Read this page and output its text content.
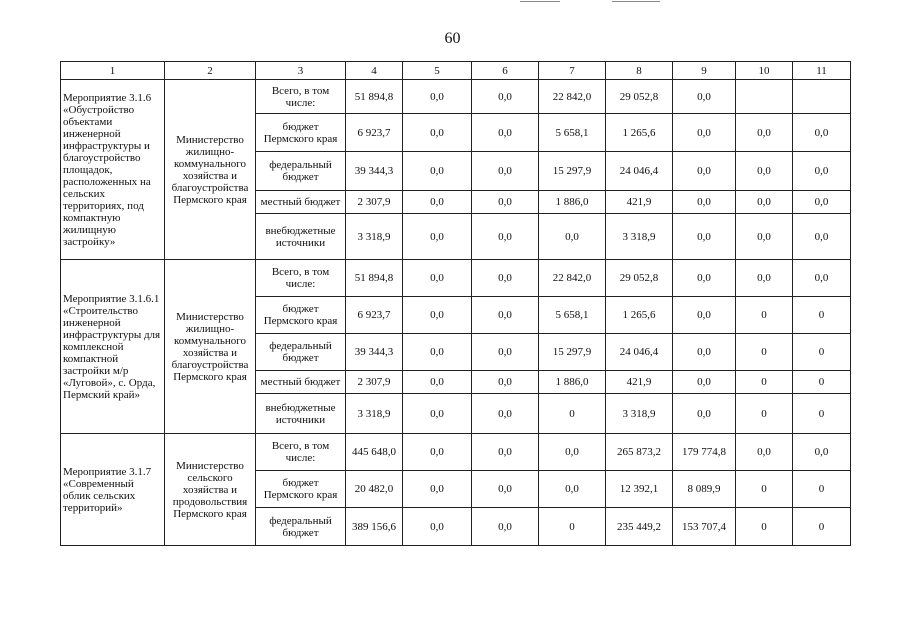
60
1	2	3	4	5	6	7	8	9	10	11
Мероприятие 3.1.6 «Обустройство объектами инженерной инфраструктуры и благоустройство площадок, расположенных на сельских территориях, под компактную жилищную застройку»	Министерство жилищно-коммунального хозяйства и благоустройства Пермского края	Всего, в том числе:	51 894,8	0,0	0,0	22 842,0	29 052,8	0,0		
		бюджет Пермского края	6 923,7	0,0	0,0	5 658,1	1 265,6	0,0	0,0	0,0
		федеральный бюджет	39 344,3	0,0	0,0	15 297,9	24 046,4	0,0	0,0	0,0
		местный бюджет	2 307,9	0,0	0,0	1 886,0	421,9	0,0	0,0	0,0
		внебюджетные источники	3 318,9	0,0	0,0	0,0	3 318,9	0,0	0,0	0,0
Мероприятие 3.1.6.1 «Строительство инженерной инфраструктуры для комплексной компактной застройки м/р «Луговой», с. Орда, Пермский край»	Министерство жилищно-коммунального хозяйства и благоустройства Пермского края	Всего, в том числе:	51 894,8	0,0	0,0	22 842,0	29 052,8	0,0	0,0	0,0
		бюджет Пермского края	6 923,7	0,0	0,0	5 658,1	1 265,6	0,0	0	0
		федеральный бюджет	39 344,3	0,0	0,0	15 297,9	24 046,4	0,0	0	0
		местный бюджет	2 307,9	0,0	0,0	1 886,0	421,9	0,0	0	0
		внебюджетные источники	3 318,9	0,0	0,0	0	3 318,9	0,0	0	0
Мероприятие 3.1.7 «Современный облик сельских территорий»	Министерство сельского хозяйства и продовольствия Пермского края	Всего, в том числе:	445 648,0	0,0	0,0	0,0	265 873,2	179 774,8	0,0	0,0
		бюджет Пермского края	20 482,0	0,0	0,0	0,0	12 392,1	8 089,9	0	0
		федеральный бюджет	389 156,6	0,0	0,0	0	235 449,2	153 707,4	0	0
